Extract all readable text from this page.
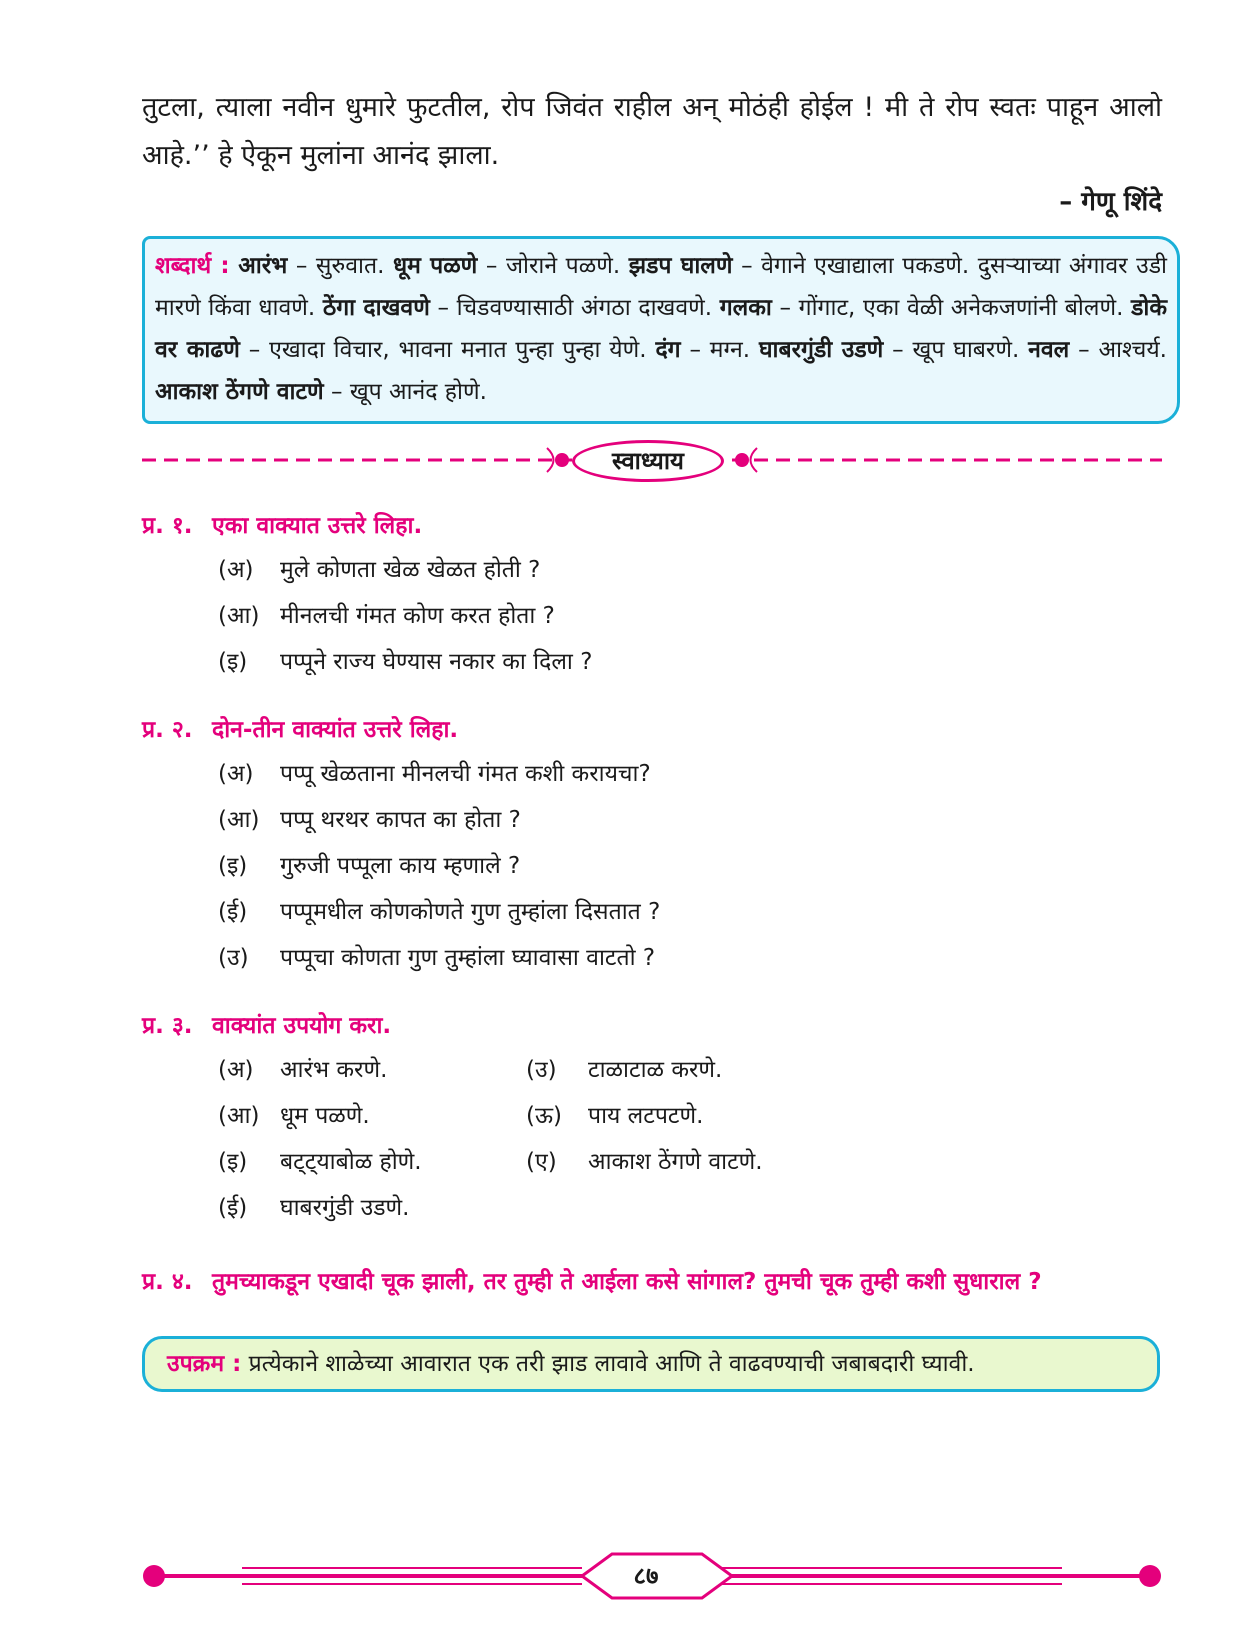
तुटला, त्याला नवीन धुमारे फुटतील, रोप जिवंत राहील अन् मोठंही होईल ! मी ते रोप स्वतः पाहून आलो आहे.’’ हे ऐकून मुलांना आनंद झाला.

– गेणू शिंदे
शब्दार्थ : आरंभ – सुरुवात. धूम पळणे – जोराने पळणे. झडप घालणे – वेगाने एखाद्याला पकडणे. दुसऱ्याच्या अंगावर उडी मारणे किंवा धावणे. ठेंगा दाखवणे – चिडवण्यासाठी अंगठा दाखवणे. गलका – गोंगाट, एका वेळी अनेकजणांनी बोलणे. डोके वर काढणे – एखादा विचार, भावना मनात पुन्हा पुन्हा येणे. दंग – मग्न. घाबरगुंडी उडणे – खूप घाबरणे. नवल – आश्चर्य. आकाश ठेंगणे वाटणे – खूप आनंद होणे.
स्वाध्याय
प्र. १. एका वाक्यात उत्तरे लिहा.
(अ) मुले कोणता खेळ खेळत होती ?
(आ) मीनलची गंमत कोण करत होता ?
(इ) पप्पूने राज्य घेण्यास नकार का दिला ?
प्र. २. दोन-तीन वाक्यांत उत्तरे लिहा.
(अ) पप्पू खेळताना मीनलची गंमत कशी करायचा?
(आ) पप्पू थरथर कापत का होता ?
(इ) गुरुजी पप्पूला काय म्हणाले ?
(ई) पप्पूमधील कोणकोणते गुण तुम्हांला दिसतात ?
(उ) पप्पूचा कोणता गुण तुम्हांला घ्यावासा वाटतो ?
प्र. ३. वाक्यांत उपयोग करा.
(अ) आरंभ करणे.
(आ) धूम पळणे.
(इ) बट्ट्याबोळ होणे.
(ई) घाबरगुंडी उडणे.
(उ) टाळाटाळ करणे.
(ऊ) पाय लटपटणे.
(ए) आकाश ठेंगणे वाटणे.
प्र. ४. तुमच्याकडून एखादी चूक झाली, तर तुम्ही ते आईला कसे सांगाल? तुमची चूक तुम्ही कशी सुधाराल ?
उपक्रम : प्रत्येकाने शाळेच्या आवारात एक तरी झाड लावावे आणि ते वाढवण्याची जबाबदारी घ्यावी.
८७
